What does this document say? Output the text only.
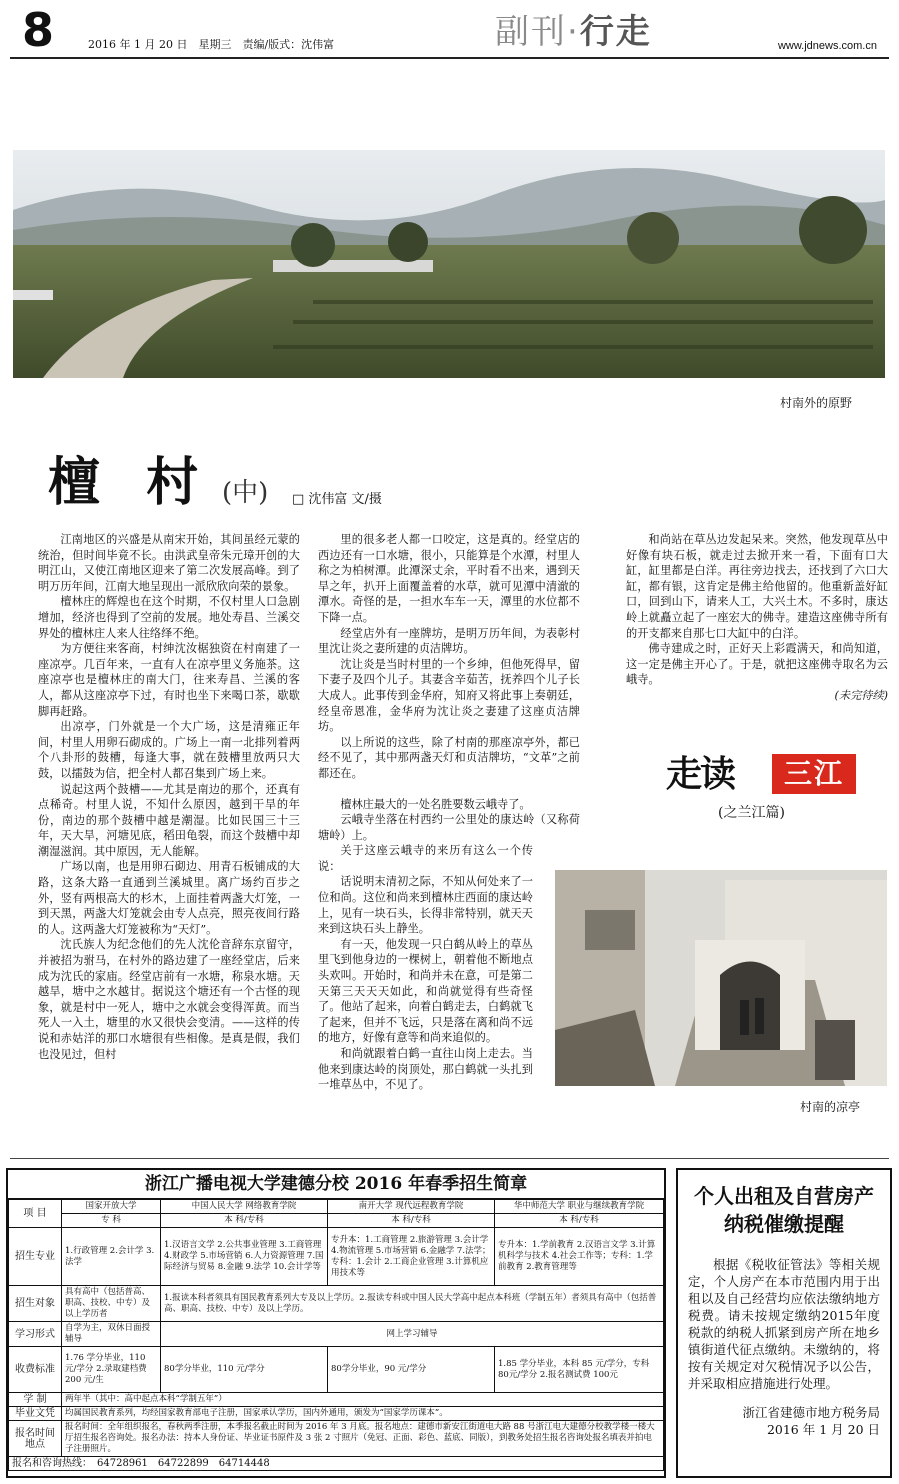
8	2016 年 1 月 20 日　星期三　责编/版式：沈伟富	副刊·行走	www.jdnews.com.cn
村南外的原野
檀 村 (中) □ 沈伟富 文/摄

江南地区的兴盛是从南宋开始，其间虽经元蒙的统治，但时间毕竟不长。由洪武皇帝朱元璋开创的大明江山，又使江南地区迎来了第二次发展高峰。到了明万历年间，江南大地呈现出一派欣欣向荣的景象。

檀林庄的辉煌也在这个时期，不仅村里人口急剧增加，经济也得到了空前的发展。地处寿昌、兰溪交界处的檀林庄人来人往络绎不绝。

为方便往来客商，村绅沈汝椐独资在村南建了一座凉亭。几百年来，一直有人在凉亭里义务施茶。这座凉亭也是檀林庄的南大门，往来寿昌、兰溪的客人，都从这座凉亭下过，有时也坐下来喝口茶，歇歇脚再赶路。

出凉亭，门外就是一个大广场，这是清雍正年间，村里人用卵石砌成的。广场上一南一北排列着两个八卦形的鼓槽，每逢大事，就在鼓槽里放两只大鼓，以擂鼓为信，把全村人都召集到广场上来。

说起这两个鼓槽——尤其是南边的那个，还真有点稀奇。村里人说，不知什么原因，越到干旱的年份，南边的那个鼓槽中越是潮湿。比如民国三十三年，天大旱，河塘见底，稻田龟裂，而这个鼓槽中却潮湿滋润。其中原因，无人能解。

广场以南，也是用卵石砌边、用青石板铺成的大路，这条大路一直通到兰溪城里。离广场约百步之外，竖有两根高大的杉木，上面挂着两盏大灯笼，一到天黑，两盏大灯笼就会由专人点亮，照亮夜间行路的人。这两盏大灯笼被称为“天灯”。

沈氏族人为纪念他们的先人沈伦音辞东京留守，并被招为驸马，在村外的路边建了一座经堂店，后来成为沈氏的家庙。经堂店前有一水塘，称泉水塘。天越旱，塘中之水越甘。据说这个塘还有一个古怪的现象，就是村中一死人，塘中之水就会变得浑黄。而当死人一入土，塘里的水又很快会变清。——这样的传说和赤姑洋的那口水塘很有些相像。是真是假，我们也没见过，但村

里的很多老人都一口咬定，这是真的。经堂店的西边还有一口水塘，很小，只能算是个水潭，村里人称之为柏树潭。此潭深丈余，平时看不出来，遇到天旱之年，扒开上面覆盖着的水草，就可见潭中清澈的潭水。奇怪的是，一担水车车一天，潭里的水位都不下降一点。

经堂店外有一座牌坊，是明万历年间，为表彰村里沈让炎之妻所建的贞洁牌坊。

沈让炎是当时村里的一个乡绅，但他死得早，留下妻子及四个儿子。其妻含辛茹苦，抚养四个儿子长大成人。此事传到金华府，知府又将此事上奏朝廷，经皇帝恩准，金华府为沈让炎之妻建了这座贞洁牌坊。

以上所说的这些，除了村南的那座凉亭外，都已经不见了，其中那两盏天灯和贞洁牌坊，“文革”之前都还在。

檀林庄最大的一处名胜要数云峨寺了。

云峨寺坐落在村西约一公里处的康达岭（又称荷塘岭）上。

关于这座云峨寺的来历有这么一个传说：

话说明末清初之际，不知从何处来了一位和尚。这位和尚来到檀林庄西面的康达岭上，见有一块石头，长得非常特别，就天天来到这块石头上静坐。

有一天，他发现一只白鹤从岭上的草丛里飞到他身边的一棵树上，朝着他不断地点头欢叫。开始时，和尚并未在意，可是第二天第三天天天如此，和尚就觉得有些奇怪了。他站了起来，向着白鹤走去，白鹤就飞了起来，但并不飞远，只是落在离和尚不远的地方，好像有意等和尚来追似的。

和尚就跟着白鹤一直往山岗上走去。当他来到康达岭的岗顶处，那白鹤就一头扎到一堆草丛中，不见了。

和尚站在草丛边发起呆来。突然，他发现草丛中好像有块石板，就走过去掀开来一看，下面有口大缸，缸里都是白洋。再往旁边找去，还找到了六口大缸，都有银，这肯定是佛主给他留的。他重新盖好缸口，回到山下，请来人工，大兴土木。不多时，康达岭上就矗立起了一座宏大的佛寺。建造这座佛寺所有的开支都来自那七口大缸中的白洋。

佛寺建成之时，正好天上彩霞满天，和尚知道，这一定是佛主开心了。于是，就把这座佛寺取名为云峨寺。

(未完待续)
走读	三江
(之兰江篇)
村南的凉亭
浙江广播电视大学建德分校 2016 年春季招生简章
项 目	国家开放大学	中国人民大学 网络教育学院	南开大学 现代远程教育学院	华中师范大学 职业与继续教育学院
	专 科	本 科/专科	本 科/专科	本 科/专科
招生专业	1.行政管理 2.会计学 3.法学	1.汉语言文学 2.公共事业管理 3.工商管理 4.财政学 5.市场营销 6.人力资源管理 7.国际经济与贸易 8.金融 9.法学 10.会计学等	专升本：1.工商管理 2.旅游管理 3.会计学 4.物流管理 5.市场营销 6.金融学 7.法学；专科：1.会计 2.工商企业管理 3.计算机应用技术等	专升本：1.学前教育 2.汉语言文学 3.计算机科学与技术 4.社会工作等；专科：1.学前教育 2.教育管理等
招生对象	具有高中（包括普高、职高、技校、中专）及以上学历者	1.报读本科者须具有国民教育系列大专及以上学历。2.报读专科或中国人民大学高中起点本科班（学制五年）者须具有高中（包括普高、职高、技校、中专）及以上学历。		
学习形式	自学为主，双休日面授辅导	网上学习辅导		
收费标准	1.76 学分毕业，110 元/学分 2.录取建档费 200 元/生	80学分毕业，110 元/学分	80学分毕业，90 元/学分	1.85 学分毕业，本科 85 元/学分，专科 80元/学分 2.报名测试费 100元
学 制	两年半（其中：高中起点本科“学制五年”）			
毕业文凭	均属国民教育系列，均经国家教育部电子注册，国家承认学历，国内外通用，颁发为“国家学历课本”。			
报名时间地点	报名时间：全年组织报名，春秋两季注册，本季报名截止时间为 2016 年 3 月底。报名地点：建德市新安江街道电大路 88 号浙江电大建德分校教学楼一楼大厅招生报名咨询处。报名办法：持本人身份证、毕业证书原件及 3 张 2 寸照片（免冠、正面、彩色、蓝底、同版），到教务处招生报名咨询处报名填表并拍电子注册照片。			
报名和咨询热线：　64728961　64722899　64714448				
个人出租及自营房产纳税催缴提醒

根据《税收征管法》等相关规定，个人房产在本市范围内用于出租以及自己经营均应依法缴纳地方税费。请未按规定缴纳2015年度税款的纳税人抓紧到房产所在地乡镇街道代征点缴纳。未缴纳的，将按有关规定对欠税情况予以公告，并采取相应措施进行处理。

浙江省建德市地方税务局
2016 年 1 月 20 日
